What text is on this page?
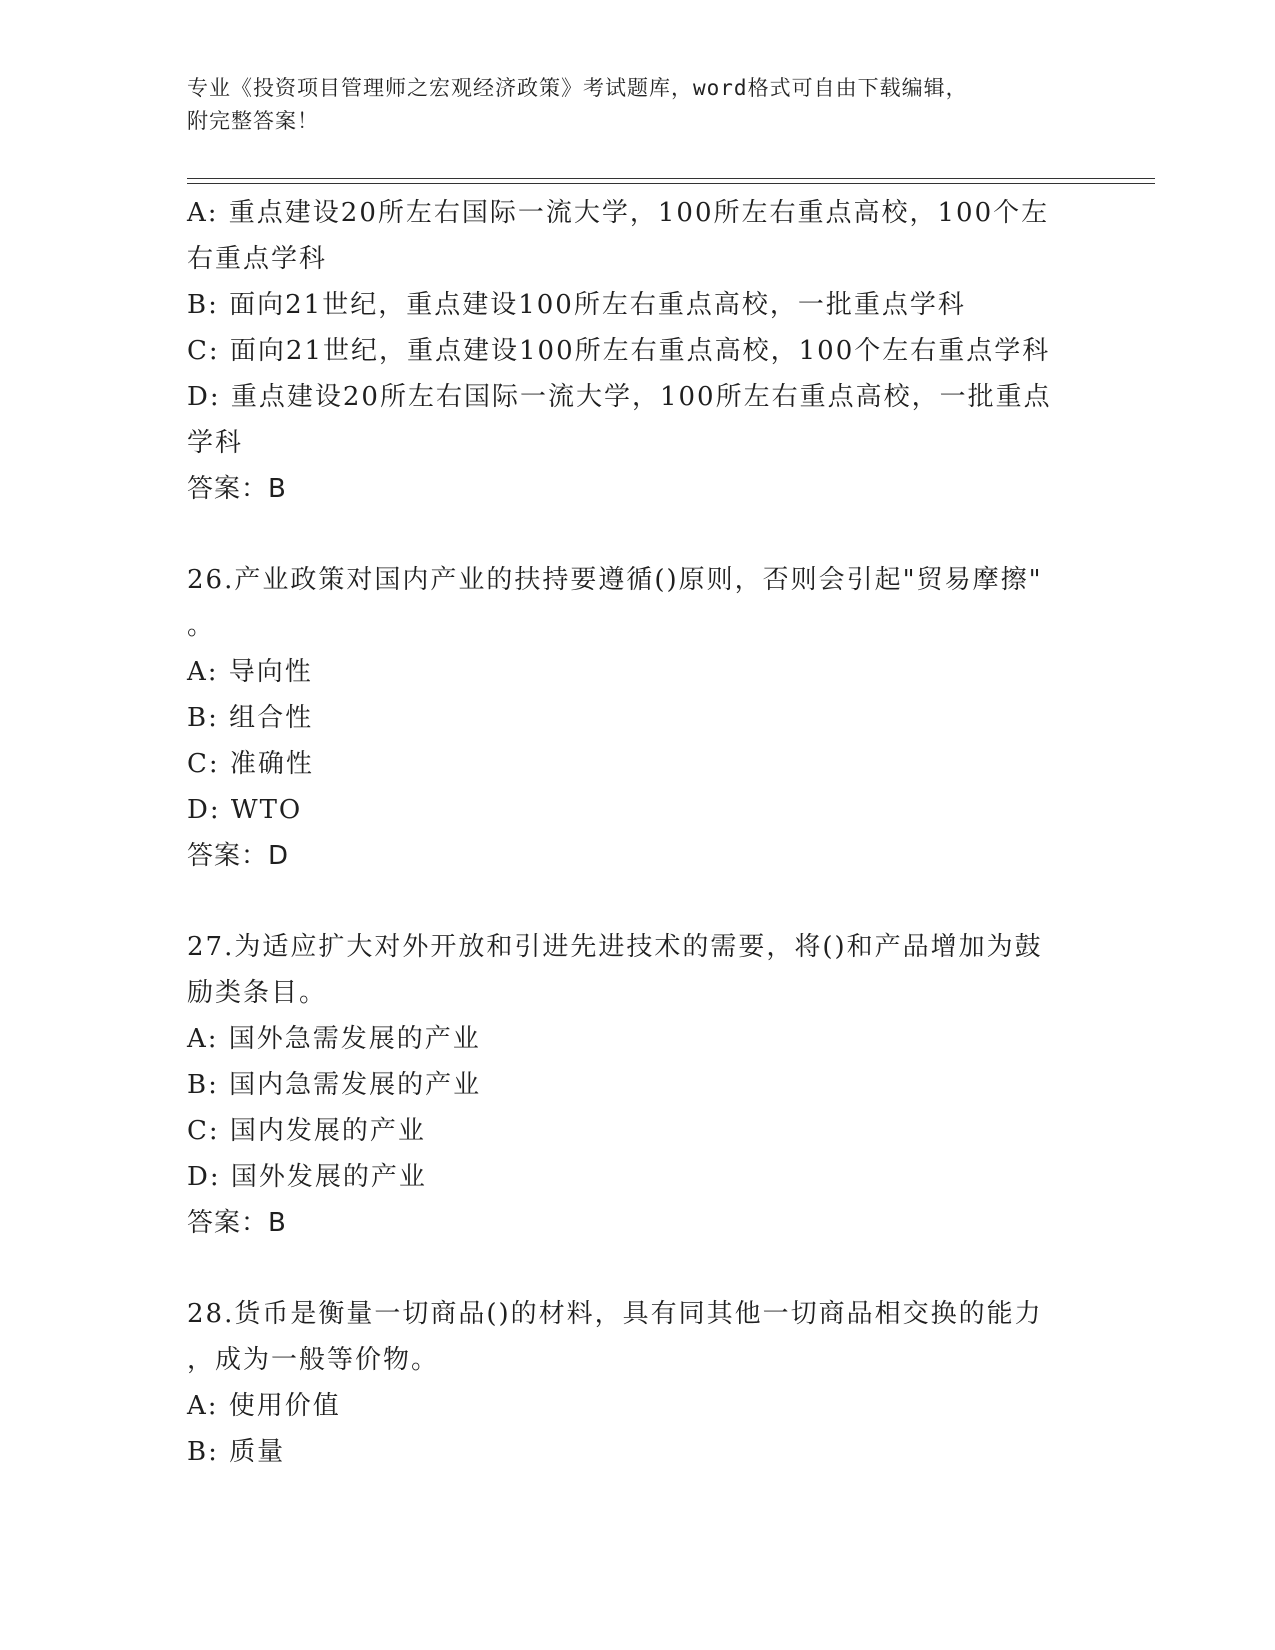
专业《投资项目管理师之宏观经济政策》考试题库，word格式可自由下载编辑，
附完整答案！
A: 重点建设20所左右国际一流大学，100所左右重点高校，100个左
右重点学科
B: 面向21世纪，重点建设100所左右重点高校，一批重点学科
C: 面向21世纪，重点建设100所左右重点高校，100个左右重点学科
D: 重点建设20所左右国际一流大学，100所左右重点高校，一批重点
学科
答案：B
26.产业政策对国内产业的扶持要遵循()原则，否则会引起"贸易摩擦"
。
A: 导向性
B: 组合性
C: 准确性
D: WTO
答案：D
27.为适应扩大对外开放和引进先进技术的需要，将()和产品增加为鼓
励类条目。
A: 国外急需发展的产业
B: 国内急需发展的产业
C: 国内发展的产业
D: 国外发展的产业
答案：B
28.货币是衡量一切商品()的材料，具有同其他一切商品相交换的能力
，成为一般等价物。
A: 使用价值
B: 质量
